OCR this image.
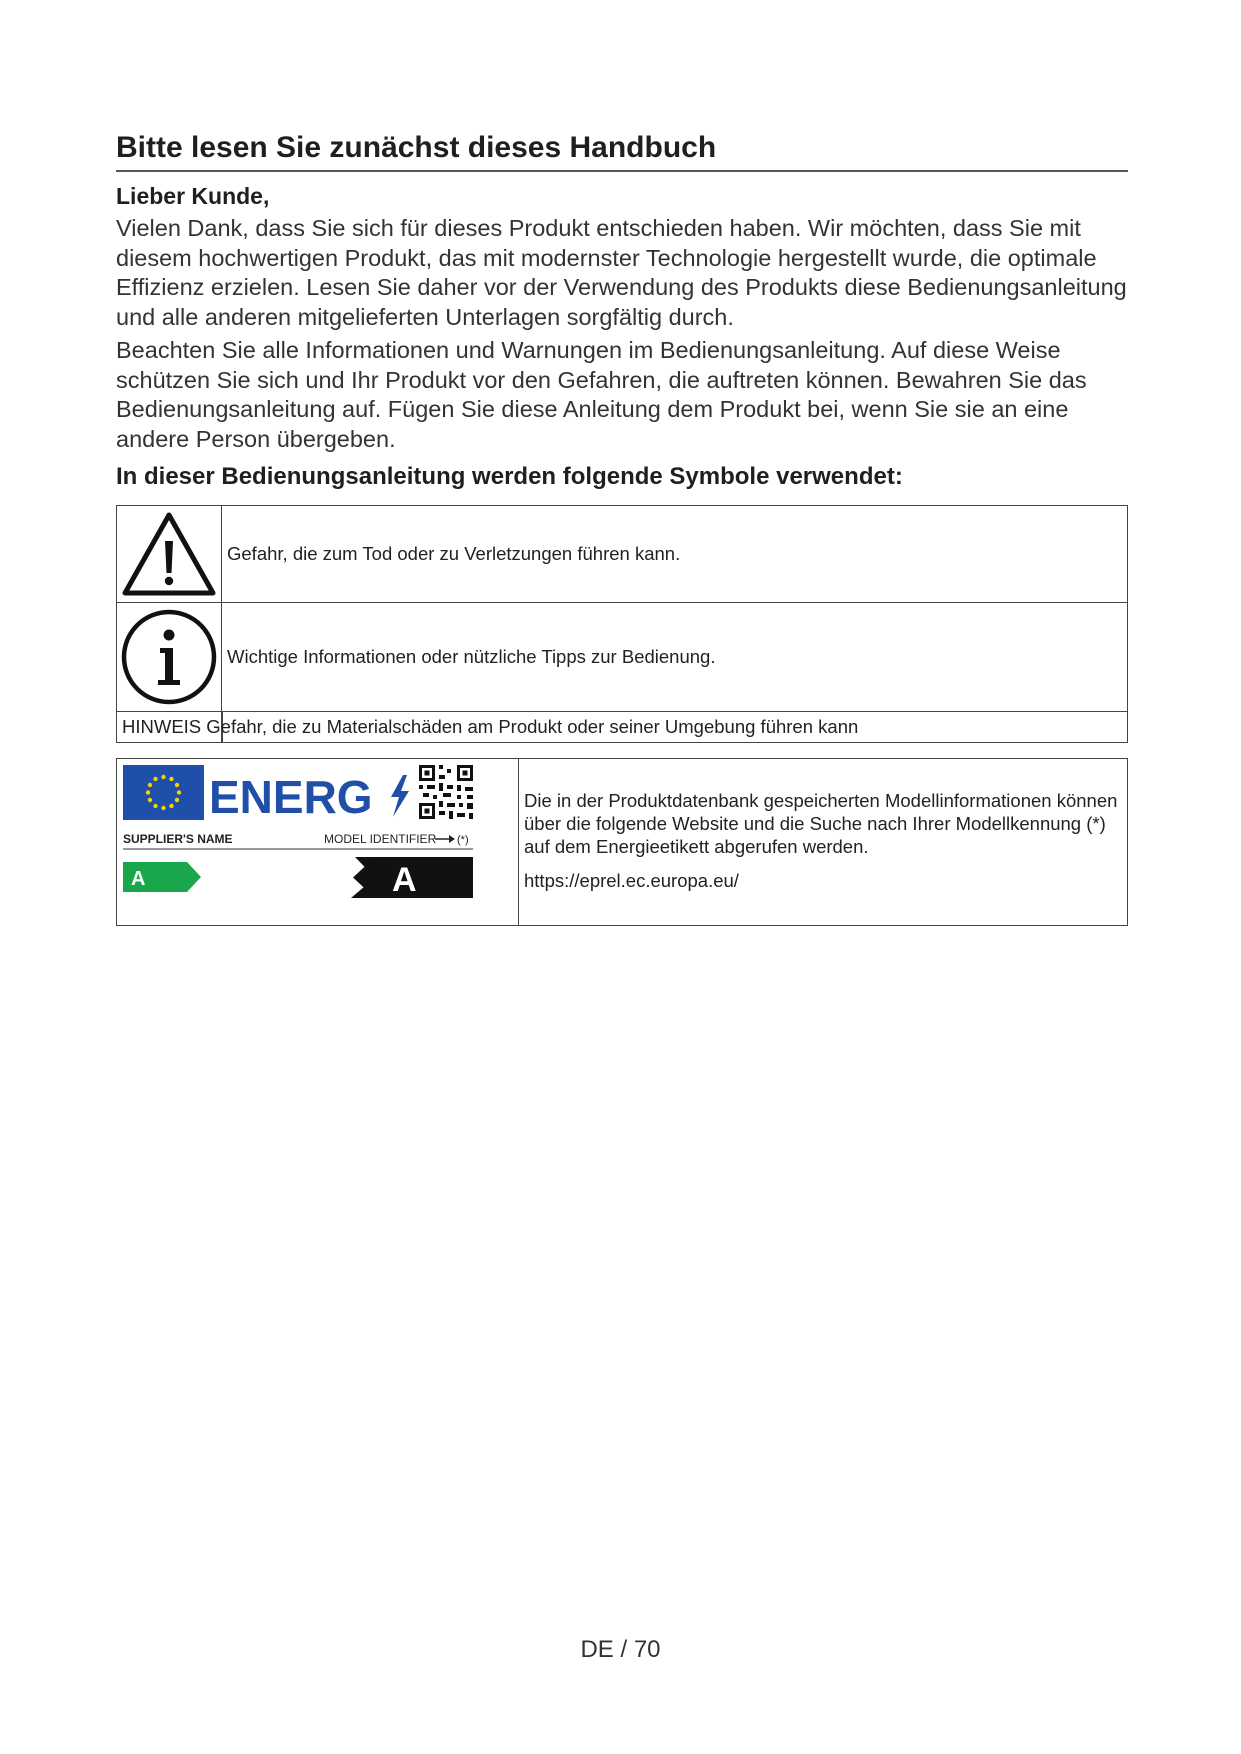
Bitte lesen Sie zunächst dieses Handbuch
Lieber Kunde,

Vielen Dank, dass Sie sich für dieses Produkt entschieden haben. Wir möchten, dass Sie mit diesem hochwertigen Produkt, das mit modernster Technologie hergestellt wurde, die optimale Effizienz erzielen. Lesen Sie daher vor der Verwendung des Produkts diese Bedienungsanleitung und alle anderen mitgelieferten Unterlagen sorgfältig durch.

Beachten Sie alle Informationen und Warnungen im Bedienungsanleitung. Auf diese Weise schützen Sie sich und Ihr Produkt vor den Gefahren, die auftreten können. Bewahren Sie das Bedienungsanleitung auf. Fügen Sie diese Anleitung dem Produkt bei, wenn Sie sie an eine andere Person übergeben.

In dieser Bedienungsanleitung werden folgende Symbole verwendet:
	Gefahr, die zum Tod oder zu Verletzungen führen kann.

	Wichtige Informationen oder nützliche Tipps zur Bedienung.

HINWEIS Gefahr, die zu Materialschäden am Produkt oder seiner Umgebung führen kann	
ENERG
SUPPLIER'S NAME	MODEL IDENTIFIER (*)
A	A

Die in der Produktdatenbank gespeicherten Modellinformationen können über die folgende Website und die Suche nach Ihrer Modellkennung (*) auf dem Energieetikett abgerufen werden.

https://eprel.ec.europa.eu/

DE / 70
